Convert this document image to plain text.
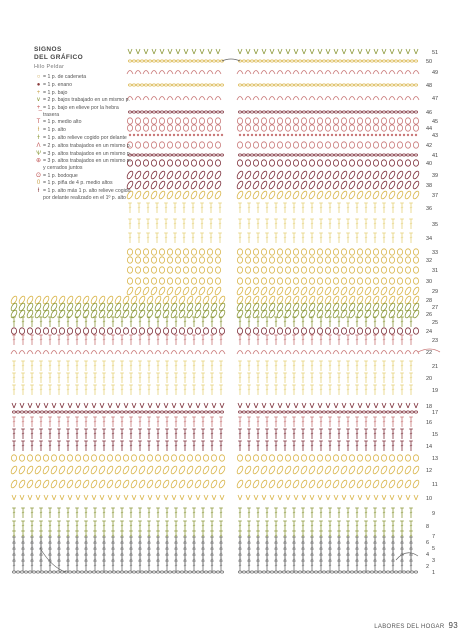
51
50
49
48
47
46
45
44
43
42
41
40
39
38
37
36
35
34
33
32
31
30
29
28
27
26
25
24
23
22
21
20
19
18
17
16
15
14
13
12
11
10
9
8
7
6
5
4
3
2
1
SIGNOS
DEL GRÁFICO
Hilo Peldar
○ = 1 p. de cadeneta
● = 1 p. enano
+ = 1 p. bajo
∨ = 2 p. bajos trabajado en un mismo p.
+̲ = 1 p. bajo en elieve por la hebra trasera
T = 1 p. medio alto
ƚ = 1 p. alto
ɫ = 1 p. alto relieve cogido por delante
Λ = 2 p. altos trabajados en un mismo p.
Ѱ = 3 p. altos trabajados en un mismo p.
⊕ = 3 p. altos trabajados en un mismo p. y cerrados juntos
ʘ = 1 p. bodoque
0 = 1 p. piña de 4 p. medio altos
ƚ = 1 p. alto más 1 p. alto relieve cogido por delante realizado en el 1º p. alto
LABORES DEL HOGAR 93
